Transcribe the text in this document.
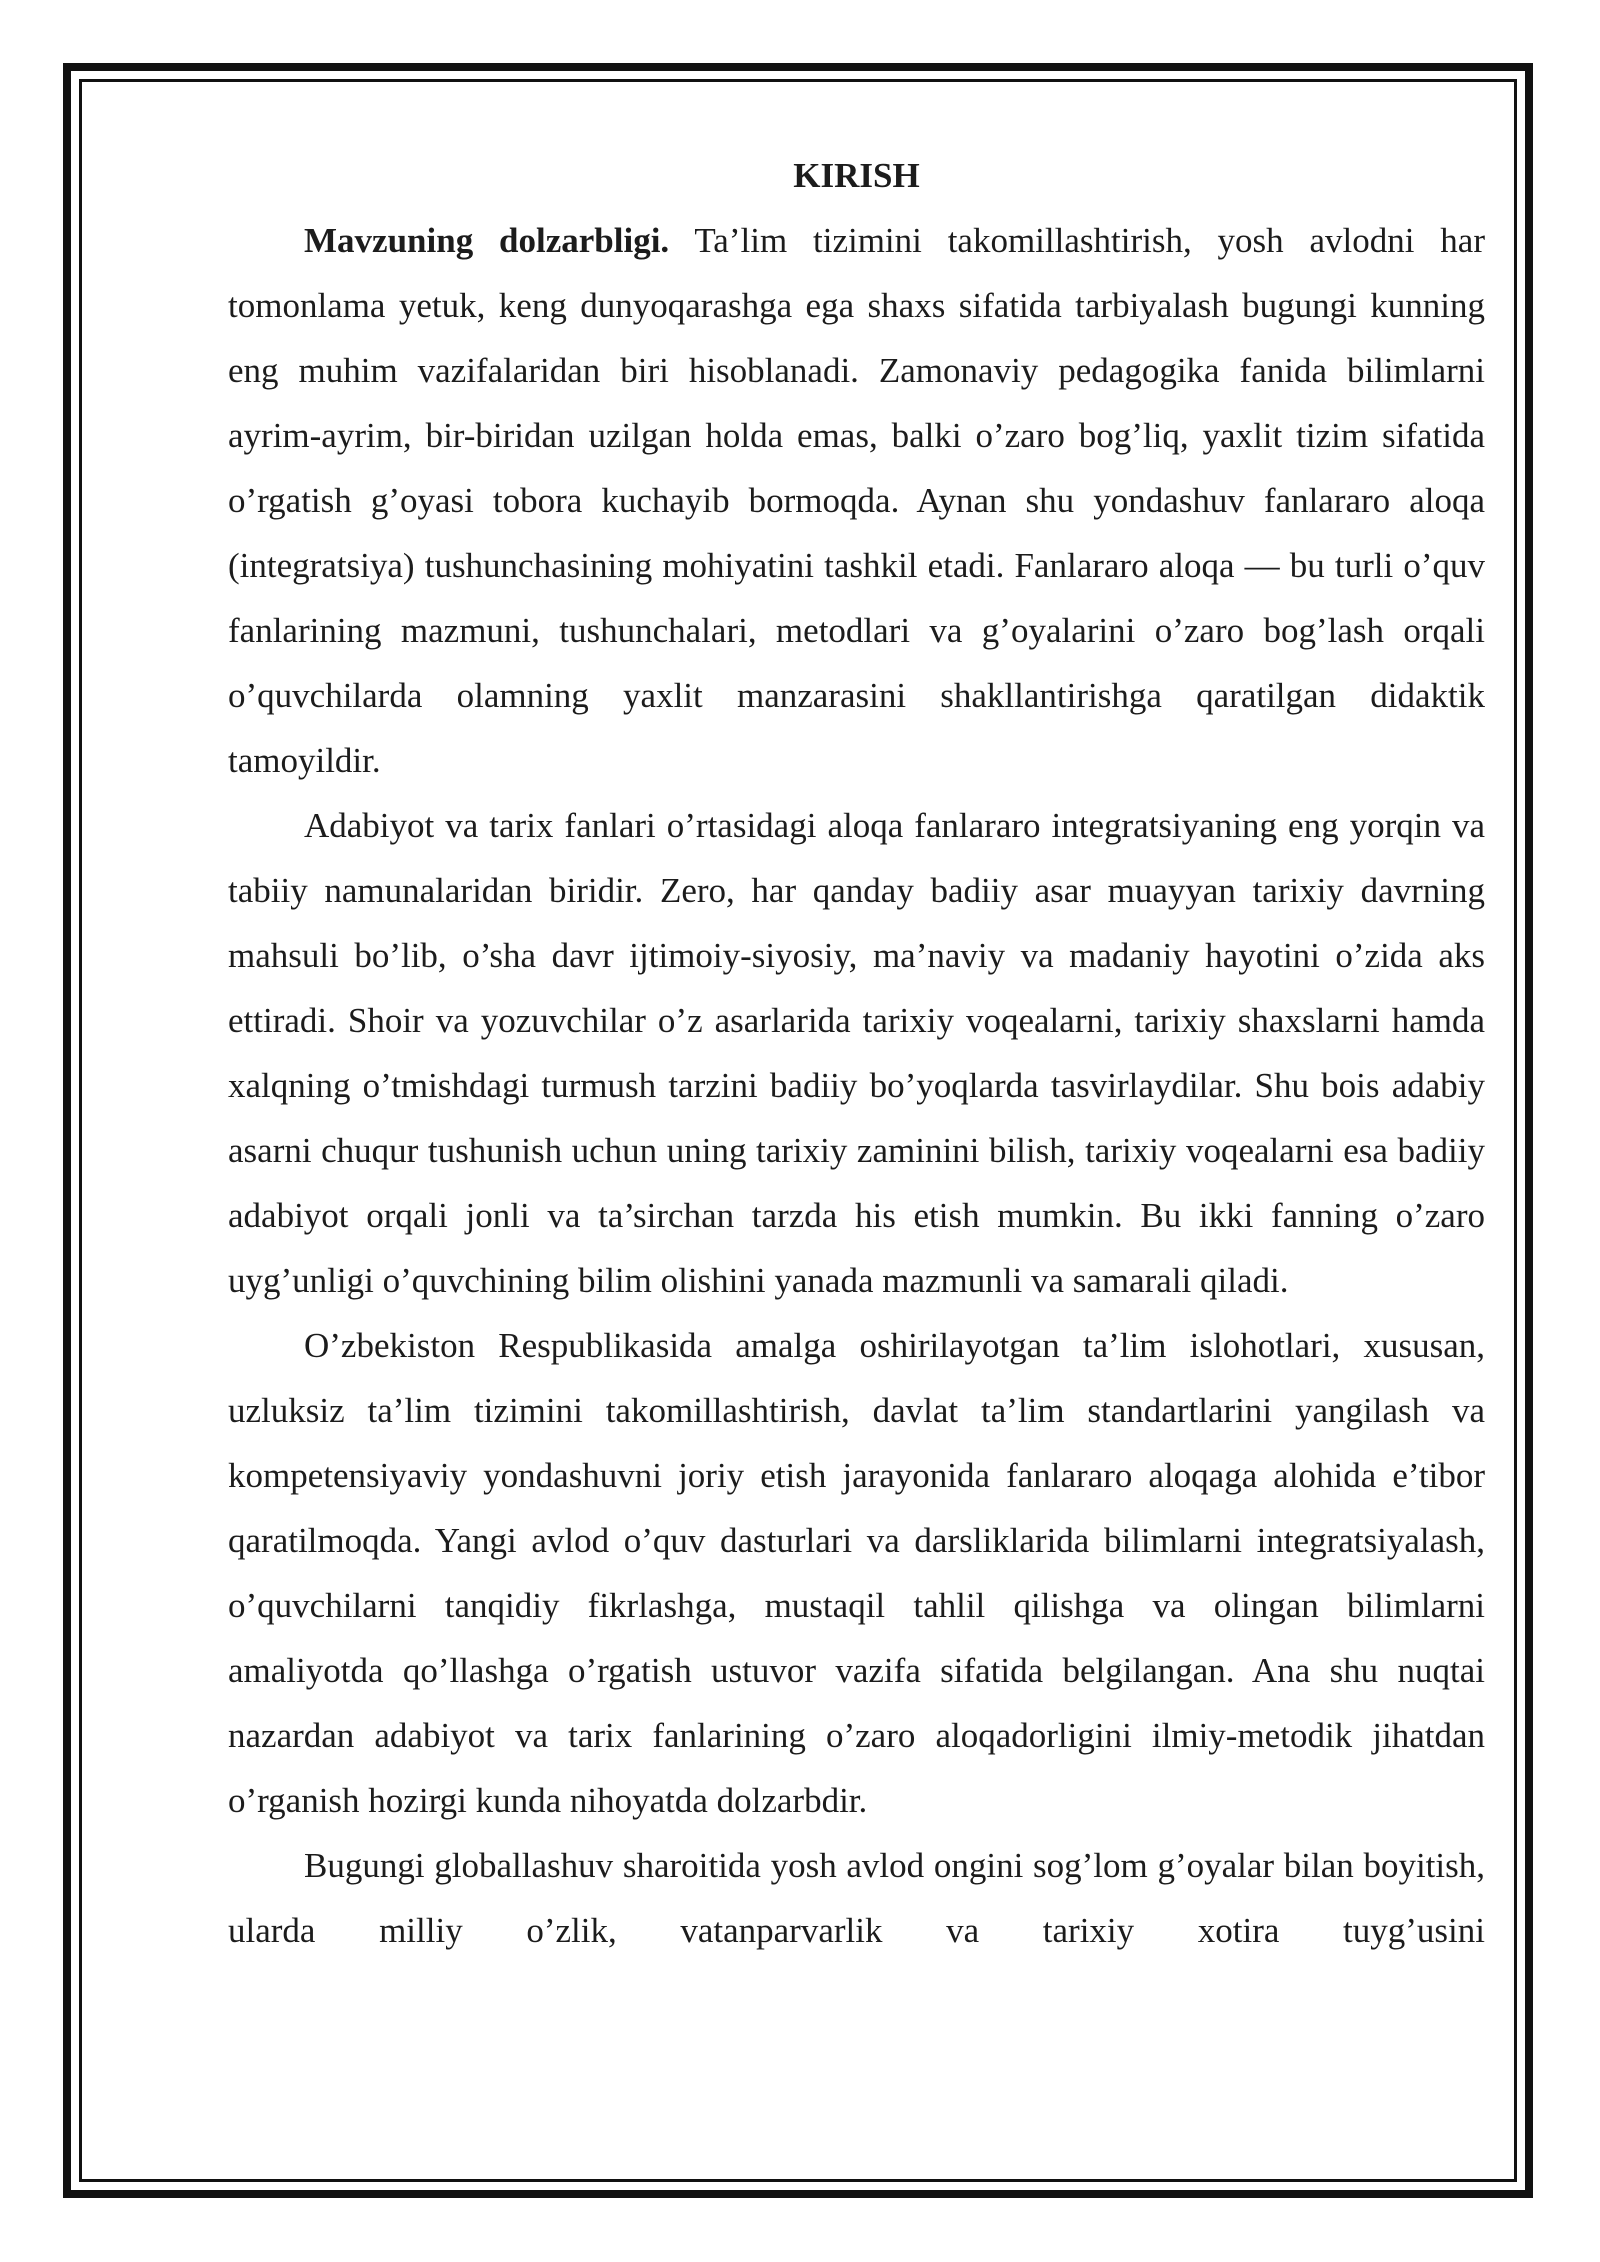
KIRISH

Mavzuning dolzarbligi. Ta’lim tizimini takomillashtirish, yosh avlodni har tomonlama yetuk, keng dunyoqarashga ega shaxs sifatida tarbiyalash bugungi kunning eng muhim vazifalaridan biri hisoblanadi. Zamonaviy pedagogika fanida bilimlarni ayrim-ayrim, bir-biridan uzilgan holda emas, balki o’zaro bog’liq, yaxlit tizim sifatida o’rgatish g’oyasi tobora kuchayib bormoqda. Aynan shu yondashuv fanlararo aloqa (integratsiya) tushunchasining mohiyatini tashkil etadi. Fanlararo aloqa — bu turli o’quv fanlarining mazmuni, tushunchalari, metodlari va g’oyalarini o’zaro bog’lash orqali o’quvchilarda olamning yaxlit manzarasini shakllantirishga qaratilgan didaktik tamoyildir.

Adabiyot va tarix fanlari o’rtasidagi aloqa fanlararo integratsiyaning eng yorqin va tabiiy namunalaridan biridir. Zero, har qanday badiiy asar muayyan tarixiy davrning mahsuli bo’lib, o’sha davr ijtimoiy-siyosiy, ma’naviy va madaniy hayotini o’zida aks ettiradi. Shoir va yozuvchilar o’z asarlarida tarixiy voqealarni, tarixiy shaxslarni hamda xalqning o’tmishdagi turmush tarzini badiiy bo’yoqlarda tasvirlaydilar. Shu bois adabiy asarni chuqur tushunish uchun uning tarixiy zaminini bilish, tarixiy voqealarni esa badiiy adabiyot orqali jonli va ta’sirchan tarzda his etish mumkin. Bu ikki fanning o’zaro uyg’unligi o’quvchining bilim olishini yanada mazmunli va samarali qiladi.

O’zbekiston Respublikasida amalga oshirilayotgan ta’lim islohotlari, xususan, uzluksiz ta’lim tizimini takomillashtirish, davlat ta’lim standartlarini yangilash va kompetensiyaviy yondashuvni joriy etish jarayonida fanlararo aloqaga alohida e’tibor qaratilmoqda. Yangi avlod o’quv dasturlari va darsliklarida bilimlarni integratsiyalash, o’quvchilarni tanqidiy fikrlashga, mustaqil tahlil qilishga va olingan bilimlarni amaliyotda qo’llashga o’rgatish ustuvor vazifa sifatida belgilangan. Ana shu nuqtai nazardan adabiyot va tarix fanlarining o’zaro aloqadorligini ilmiy-metodik jihatdan o’rganish hozirgi kunda nihoyatda dolzarbdir.

Bugungi globallashuv sharoitida yosh avlod ongini sog’lom g’oyalar bilan boyitish, ularda milliy o’zlik, vatanparvarlik va tarixiy xotira tuyg’usini
